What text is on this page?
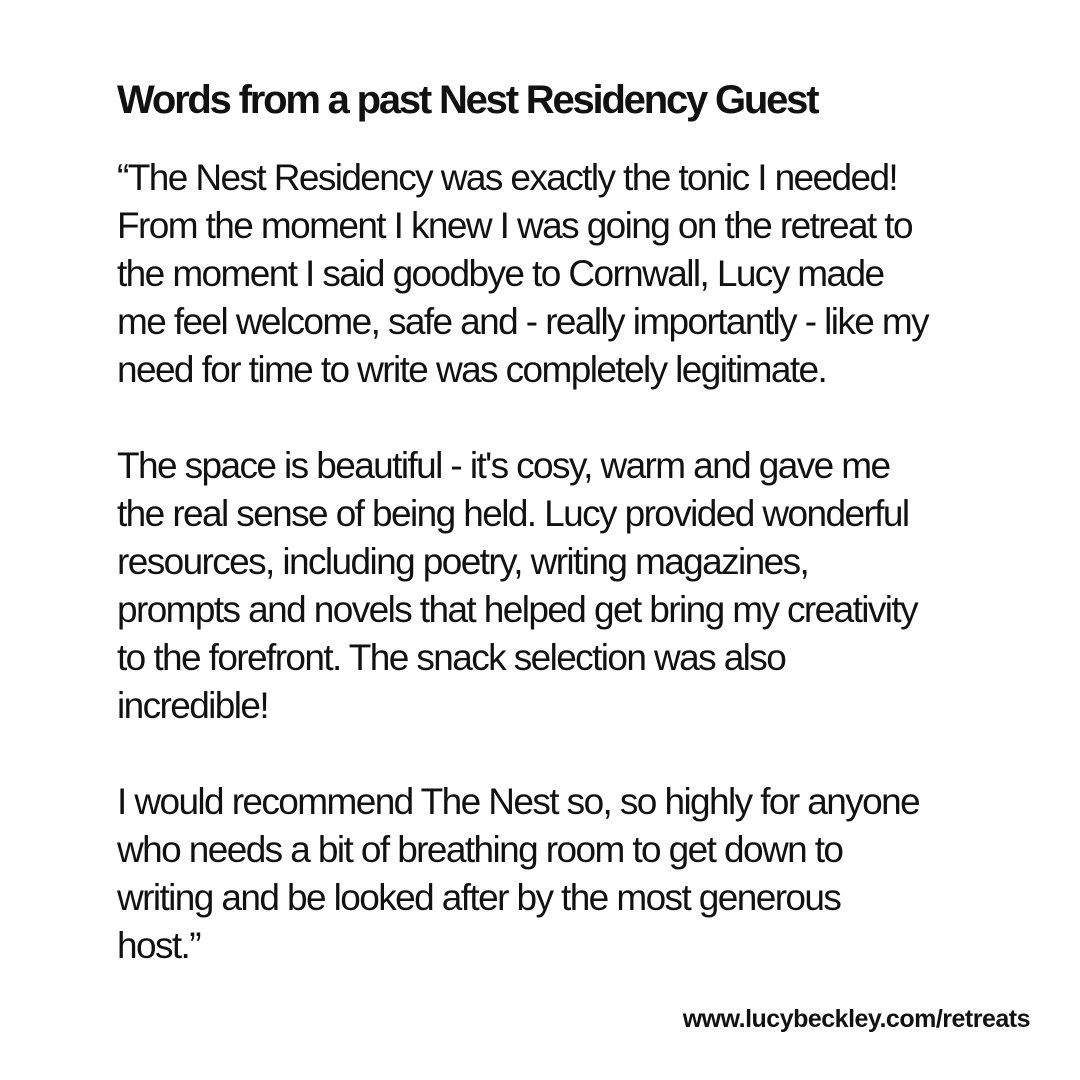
Words from a past Nest Residency Guest

“The Nest Residency was exactly the tonic I needed!
From the moment I knew I was going on the retreat to
the moment I said goodbye to Cornwall, Lucy made
me feel welcome, safe and - really importantly - like my
need for time to write was completely legitimate.

The space is beautiful - it's cosy, warm and gave me
the real sense of being held. Lucy provided wonderful
resources, including poetry, writing magazines,
prompts and novels that helped get bring my creativity
to the forefront. The snack selection was also
incredible!

I would recommend The Nest so, so highly for anyone
who needs a bit of breathing room to get down to
writing and be looked after by the most generous
host.”

www.lucybeckley.com/retreats
